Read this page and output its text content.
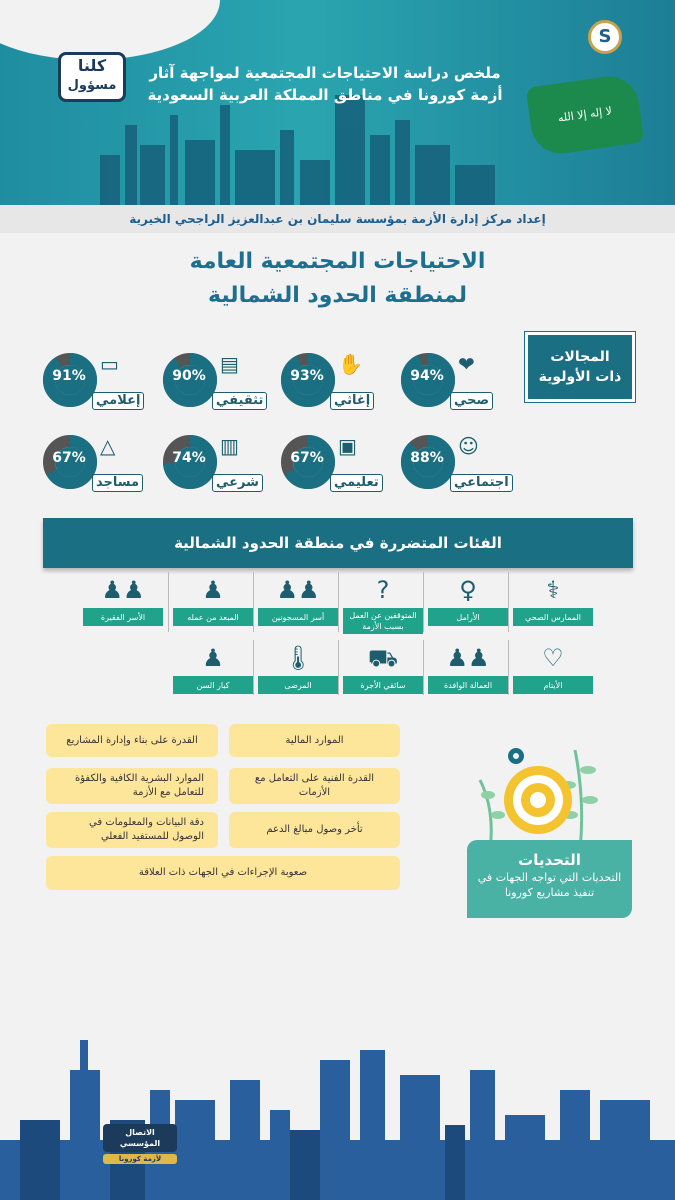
S
لا إله إلا الله
ملخص دراسة الاحتياجات المجتمعية لمواجهة آثار
أزمة كورونا في مناطق المملكة العربية السعودية
كلنا
مسؤول
إعداد مركز إدارة الأزمة بمؤسسة سليمان بن عبدالعزيز الراجحي الخيرية
الاحتياجات المجتمعية العامة
لمنطقة الحدود الشمالية
المجالات
ذات الأولوية
94% ❤
صحي
93% ✋
إغاثي
90% ▤
تثقيفي
91% ▭
إعلامي
88% ☺
اجتماعي
67% ▣
تعليمي
74% ▥
شرعي
67% △
مساجد
الفئات المتضررة في منطقة الحدود الشمالية
⚕
الممارس الصحي
♀
الأرامل
?
المتوقفين عن العمل بسبب الأزمة
♟♟
أسر المسجونين
♟
المبعد من عمله
♟♟
الأسر الفقيرة
♡
الأيتام
♟♟
العمالة الوافدة
⛟
سائقي الأجرة
🌡
المرضى
♟
كبار السن
الموارد المالية
القدرة على بناء وإدارة المشاريع
القدرة الفنية على التعامل مع الأزمات
الموارد البشرية الكافية والكفؤة للتعامل مع الأزمة
تأخر وصول مبالغ الدعم
دقة البيانات والمعلومات في الوصول للمستفيد الفعلي
صعوبة الإجراءات في الجهات ذات العلاقة
التحديات
التحديات التي تواجه الجهات في تنفيذ مشاريع كورونا
الاتصال المؤسسي
لأزمة كورونا
